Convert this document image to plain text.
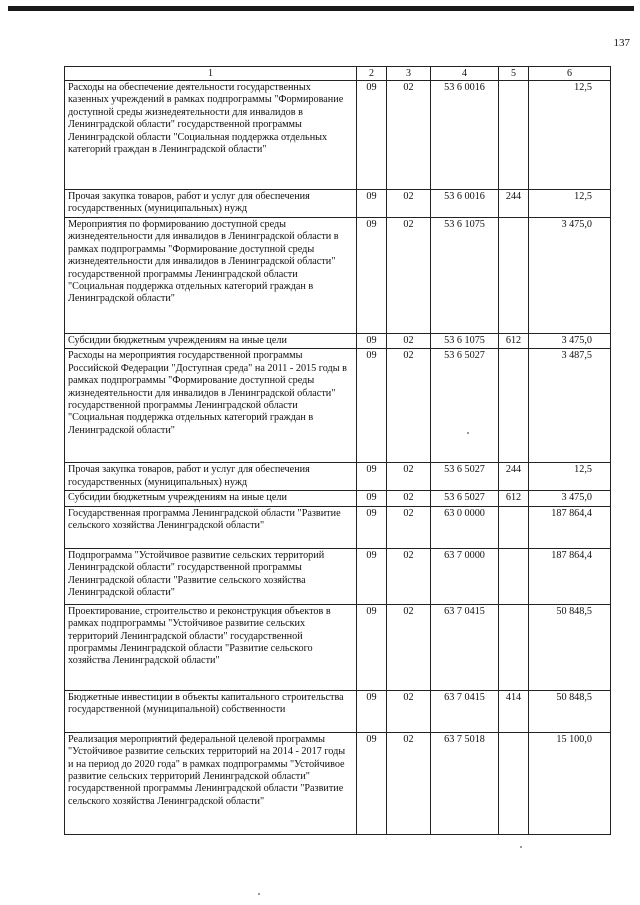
137
1	2	3	4	5	6
Расходы на обеспечение деятельности государственных казенных учреждений в рамках подпрограммы "Формирование доступной среды жизнедеятельности для инвалидов в Ленинградской области" государственной программы Ленинградской области "Социальная поддержка отдельных категорий граждан в Ленинградской области"	09	02	53 6 0016		12,5
Прочая закупка товаров, работ и услуг для обеспечения государственных (муниципальных) нужд	09	02	53 6 0016	244	12,5
Мероприятия по формированию доступной среды жизнедеятельности для инвалидов в Ленинградской области в рамках подпрограммы "Формирование доступной среды жизнедеятельности для инвалидов в Ленинградской области" государственной программы Ленинградской области "Социальная поддержка отдельных категорий граждан в Ленинградской области"	09	02	53 6 1075		3 475,0
Субсидии бюджетным учреждениям на иные цели	09	02	53 6 1075	612	3 475,0
Расходы на мероприятия государственной программы Российской Федерации "Доступная среда" на 2011 - 2015 годы в рамках подпрограммы "Формирование доступной среды жизнедеятельности для инвалидов в Ленинградской области" государственной программы Ленинградской области "Социальная поддержка отдельных категорий граждан в Ленинградской области"	09	02	53 6 5027		3 487,5
Прочая закупка товаров, работ и услуг для обеспечения государственных (муниципальных) нужд	09	02	53 6 5027	244	12,5
Субсидии бюджетным учреждениям на иные цели	09	02	53 6 5027	612	3 475,0
Государственная программа Ленинградской области "Развитие сельского хозяйства Ленинградской области"	09	02	63 0 0000		187 864,4
Подпрограмма "Устойчивое развитие сельских территорий Ленинградской области" государственной программы Ленинградской области "Развитие сельского хозяйства Ленинградской области"	09	02	63 7 0000		187 864,4
Проектирование, строительство и реконструкция объектов в рамках подпрограммы "Устойчивое развитие сельских территорий Ленинградской области" государственной программы Ленинградской области "Развитие сельского хозяйства Ленинградской области"	09	02	63 7 0415		50 848,5
Бюджетные инвестиции в объекты капитального строительства государственной (муниципальной) собственности	09	02	63 7 0415	414	50 848,5
Реализация мероприятий федеральной целевой программы "Устойчивое развитие сельских территорий на 2014 - 2017 годы и на период до 2020 года" в рамках подпрограммы "Устойчивое развитие сельских территорий Ленинградской области" государственной программы Ленинградской области "Развитие сельского хозяйства Ленинградской области"	09	02	63 7 5018		15 100,0
